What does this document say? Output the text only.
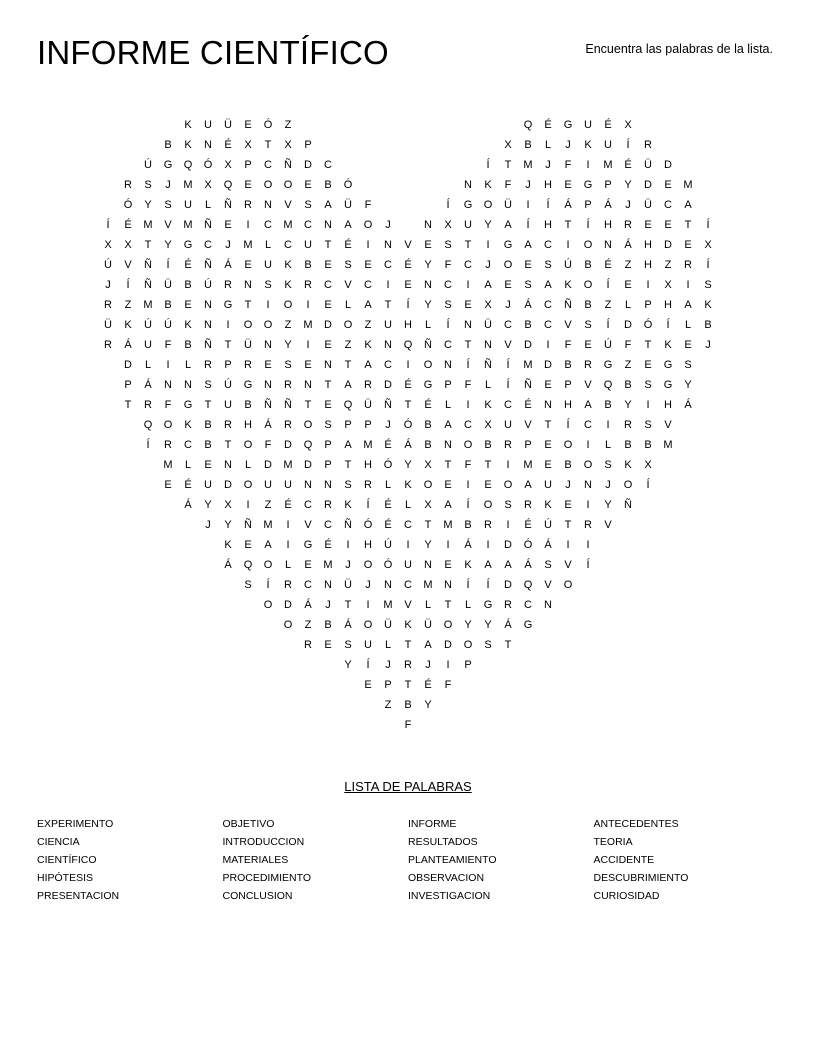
INFORME CIENTÍFICO	Encuentra las palabras de la lista.
K	U	Ü	E	Ó	Z	Q	É	G	U	É	X
B	K	N	É	X	T	X	P	X	B	L	J	K	U	Í	R
Ú	G	Q	Ó	X	P	C	Ñ	D	C	Í	T	M	J	F	I	M	É	Ü	D
R	S	J	M	X	Q	E	O	O	E	B	Ó	N	K	F	J	H	E	G	P	Y	D	E	M
Ó	Y	S	U	L	Ñ	R	N	V	S	A	Ü	F	Í	G	O	Ü	I	Í	Á	P	Á	J	Ü	C	A
Í	É	M	V	M	Ñ	E	I	C	M	C	N	A	O	J	N	X	U	Y	A	Í	H	T	Í	H	R	E	E	T	Í
X	X	T	Y	G	C	J	M	L	C	U	T	É	I	N	V	E	S	T	I	G	A	C	I	O	N	Á	H	D	E	X
Ú	V	Ñ	Í	É	Ñ	Á	E	U	K	B	E	S	E	C	É	Y	F	C	J	O	E	S	Ú	B	É	Z	H	Z	R	Í
J	Í	Ñ	Ü	B	Ú	R	N	S	K	R	C	V	C	I	E	N	C	I	A	E	S	A	K	O	Í	E	I	X	I	S
R	Z	M	B	E	N	G	T	I	O	I	E	L	A	T	Í	Y	S	E	X	J	Á	C	Ñ	B	Z	L	P	H	A	K
Ü	K	Ú	Ú	K	N	I	O	O	Z	M	D	O	Z	U	H	L	Í	N	Ü	C	B	C	V	S	Í	D	Ó	Í	L	B
R	Á	U	F	B	Ñ	T	Ü	N	Y	I	E	Z	K	N	Q	Ñ	C	T	N	V	D	I	F	E	Ú	F	T	K	E	J
D	L	I	L	R	P	R	E	S	E	N	T	A	C	I	O	N	Í	Ñ	Í	M	D	B	R	G	Z	E	G	S
P	Á	N	N	S	Ú	G	N	R	N	T	A	R	D	É	G	P	F	L	Í	Ñ	E	P	V	Q	B	S	G	Y
T	R	F	G	T	U	B	Ñ	Ñ	T	E	Q	Ü	Ñ	T	É	L	I	K	C	É	N	H	A	B	Y	I	H	Á
Q	O	K	B	R	H	Á	R	O	S	P	P	J	Ó	B	A	C	X	U	V	T	Í	C	I	R	S	V
Í	R	C	B	T	O	F	D	Q	P	A	M	É	Á	B	N	O	B	R	P	E	O	I	L	B	B	M
M	L	E	N	L	D	M	D	P	T	H	Ó	Y	X	T	F	T	I	M	E	B	O	S	K	X
E	É	U	D	O	U	U	N	N	S	R	L	K	O	E	I	E	O	A	U	J	N	J	O	Í
Á	Y	X	I	Z	É	C	R	K	Í	É	L	X	A	Í	O	S	R	K	E	I	Y	Ñ
J	Y	Ñ	M	I	V	C	Ñ	Ó	É	C	T	M	B	R	I	É	Ú	T	R	V
K	E	A	I	G	É	I	H	Ú	I	Y	I	Á	I	D	Ó	Á	I	I
Á	Q	O	L	E	M	J	O	Ó	U	N	E	K	A	A	Á	S	V	Í
S	Í	R	C	N	Ü	J	N	C	M	N	Í	Í	D	Q	V	O
O	D	Á	J	T	I	M	V	L	T	L	G	R	C	N
O	Z	B	Á	O	Ü	K	Ü	O	Y	Y	Á	G
R	E	S	U	L	T	A	D	O	S	T
Y	Í	J	R	J	I	P
E	P	T	É	F
Z	B	Y
F
LISTA DE PALABRAS
EXPERIMENTO
CIENCIA
CIENTÍFICO
HIPÓTESIS
PRESENTACION
OBJETIVO
INTRODUCCION
MATERIALES
PROCEDIMIENTO
CONCLUSION
INFORME
RESULTADOS
PLANTEAMIENTO
OBSERVACION
INVESTIGACION
ANTECEDENTES
TEORIA
ACCIDENTE
DESCUBRIMIENTO
CURIOSIDAD
